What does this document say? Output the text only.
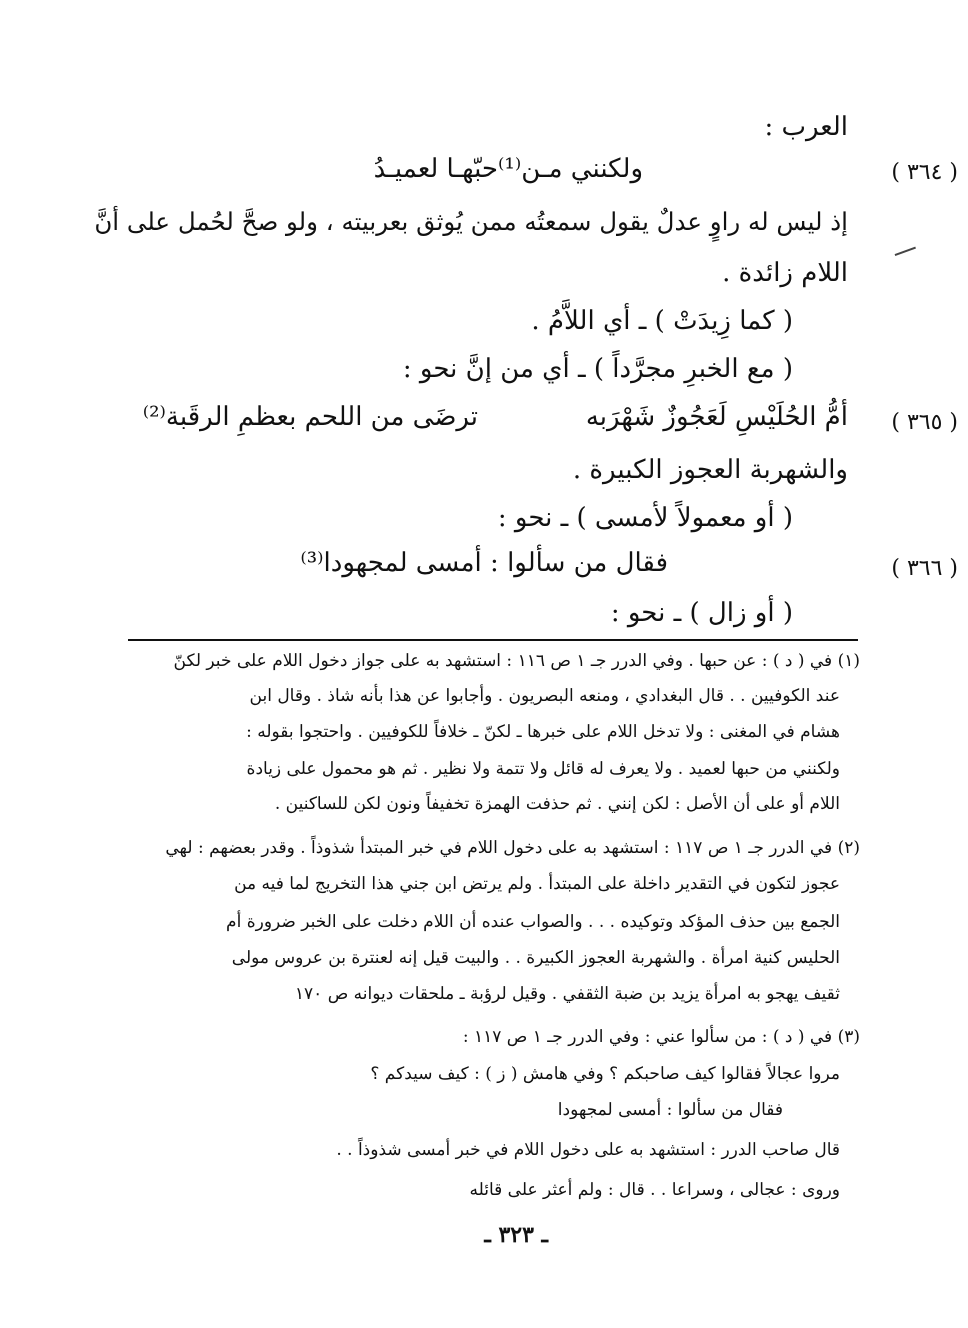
العرب :
( ٣٦٤ )
ولكنني مـن⁽¹⁾حبّهـا لعميـدُ
إذ ليس له راوٍ عدلٌ يقول سمعتُه ممن يُوثق بعربيته ، ولو صحَّ لحُمل على أنَّ
اللام زائدة .
( كما زِيدَتْ ) ـ أي اللاَّمُ .
( مع الخبرِ مجرَّداً ) ـ أي من إنَّ نحو :
( ٣٦٥ )
أمُّ الحُلَيْسِ لَعَجُوزٌ شَهْرَبه
ترضَى من اللحم بعظمِ الرقَبة⁽²⁾
والشهربة العجوز الكبيرة .
( أو معمولاً لأمسى ) ـ نحو :
( ٣٦٦ )
فقال من سألوا : أمسى لمجهودا⁽³⁾
( أو زال ) ـ نحو :
(١) في ( د ) : عن حبها . وفي الدرر جـ ١ ص ١١٦ : استشهد به على جواز دخول اللام على خبر لكنّ
عند الكوفيين . . قال البغدادي ، ومنعه البصريون . وأجابوا عن هذا بأنه شاذ . وقال ابن
هشام في المغنى : ولا تدخل اللام على خبرها ـ لكنّ ـ خلافاً للكوفيين . واحتجوا بقوله :
ولكنني من حبها لعميد . ولا يعرف له قائل ولا تتمة ولا نظير . ثم هو محمول على زيادة
اللام أو على أن الأصل : لكن إنني . ثم حذفت الهمزة تخفيفاً ونون لكن للساكنين .
(٢) في الدرر جـ ١ ص ١١٧ : استشهد به على دخول اللام في خبر المبتدأ شذوذاً . وقدر بعضهم : لهي
عجوز لتكون في التقدير داخلة على المبتدأ . ولم يرتض ابن جني هذا التخريج لما فيه من
الجمع بين حذف المؤكد وتوكيده . . . والصواب عنده أن اللام دخلت على الخبر ضرورة أم
الحليس كنية امرأة . والشهربة العجوز الكبيرة . . والبيت قيل إنه لعنترة بن عروس مولى
ثقيف يهجو به امرأة يزيد بن ضبة الثقفي . وقيل لرؤبة ـ ملحقات ديوانه ص ١٧٠
(٣) في ( د ) : من سألوا عني : وفي الدرر جـ ١ ص ١١٧ :
مروا عجالاً فقالوا كيف صاحبكم ؟ وفي هامش ( ز ) : كيف سيدكم ؟
فقال من سألوا : أمسى لمجهودا
قال صاحب الدرر : استشهد به على دخول اللام في خبر أمسى شذوذاً . .
وروى : عجالى ، وسراعا . . قال : ولم أعثر على قائله
ـ ٣٢٣ ـ
